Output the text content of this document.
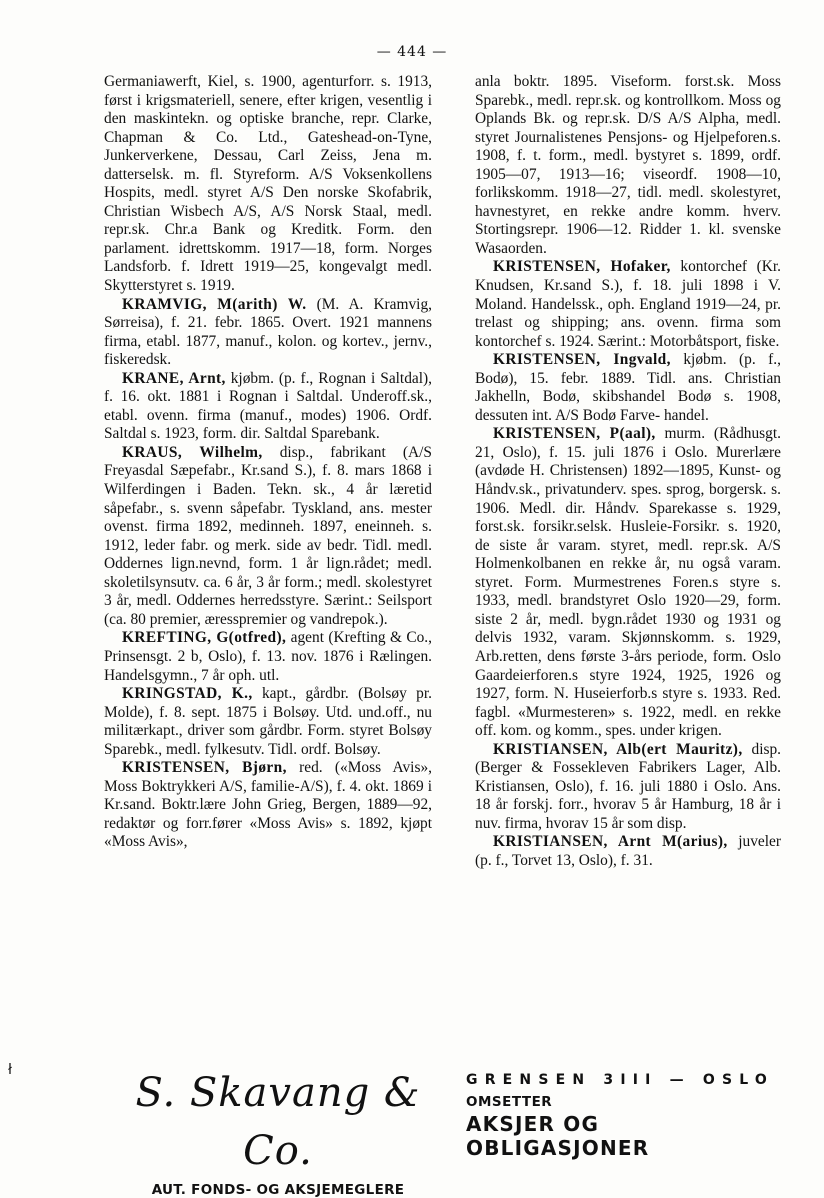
— 444 —

Germaniawerft, Kiel, s. 1900, agenturforr. s. 1913, først i krigsmateriell, senere, efter krigen, vesentlig i den maskintekn. og optiske branche, repr. Clarke, Chapman & Co. Ltd., Gateshead-on-Tyne, Junkerverkene, Dessau, Carl Zeiss, Jena m. datterselsk. m. fl. Styreform. A/S Voksenkollens Hospits, medl. styret A/S Den norske Skofabrik, Christian Wisbech A/S, A/S Norsk Staal, medl. repr.sk. Chr.a Bank og Kreditk. Form. den parlament. idrettskomm. 1917—18, form. Norges Landsforb. f. Idrett 1919—25, kongevalgt medl. Skytterstyret s. 1919.

KRAMVIG, M(arith) W. (M. A. Kramvig, Sørreisa), f. 21. febr. 1865. Overt. 1921 mannens firma, etabl. 1877, manuf., kolon. og kortev., jernv., fiskeredsk.

KRANE, Arnt, kjøbm. (p. f., Rognan i Saltdal), f. 16. okt. 1881 i Rognan i Saltdal. Underoff.sk., etabl. ovenn. firma (manuf., modes) 1906. Ordf. Saltdal s. 1923, form. dir. Saltdal Sparebank.

KRAUS, Wilhelm, disp., fabrikant (A/S Freyasdal Sæpefabr., Kr.sand S.), f. 8. mars 1868 i Wilferdingen i Baden. Tekn. sk., 4 år læretid såpefabr., s. svenn såpefabr. Tyskland, ans. mester ovenst. firma 1892, medinneh. 1897, eneinneh. s. 1912, leder fabr. og merk. side av bedr. Tidl. medl. Oddernes lign.nevnd, form. 1 år lign.rådet; medl. skoletilsynsutv. ca. 6 år, 3 år form.; medl. skolestyret 3 år, medl. Oddernes herredsstyre. Særint.: Seilsport (ca. 80 premier, æresspremier og vandrepok.).

KREFTING, G(otfred), agent (Krefting & Co., Prinsensgt. 2 b, Oslo), f. 13. nov. 1876 i Rælingen. Handelsgymn., 7 år oph. utl.

KRINGSTAD, K., kapt., gårdbr. (Bolsøy pr. Molde), f. 8. sept. 1875 i Bolsøy. Utd. und.off., nu militærkapt., driver som gårdbr. Form. styret Bolsøy Sparebk., medl. fylkesutv. Tidl. ordf. Bolsøy.

KRISTENSEN, Bjørn, red. («Moss Avis», Moss Boktrykkeri A/S, familie-A/S), f. 4. okt. 1869 i Kr.sand. Boktr.lære John Grieg, Bergen, 1889—92, redaktør og forr.fører «Moss Avis» s. 1892, kjøpt «Moss Avis»,

anla boktr. 1895. Viseform. forst.sk. Moss Sparebk., medl. repr.sk. og kontrollkom. Moss og Oplands Bk. og repr.sk. D/S A/S Alpha, medl. styret Journalistenes Pensjons- og Hjelpeforen.s. 1908, f. t. form., medl. bystyret s. 1899, ordf. 1905—07, 1913—16; viseordf. 1908—10, forlikskomm. 1918—27, tidl. medl. skolestyret, havnestyret, en rekke andre komm. hverv. Stortingsrepr. 1906—12. Ridder 1. kl. svenske Wasaorden.

KRISTENSEN, Hofaker, kontorchef (Kr. Knudsen, Kr.sand S.), f. 18. juli 1898 i V. Moland. Handelssk., oph. England 1919—24, pr. trelast og shipping; ans. ovenn. firma som kontorchef s. 1924. Særint.: Motorbåtsport, fiske.

KRISTENSEN, Ingvald, kjøbm. (p. f., Bodø), 15. febr. 1889. Tidl. ans. Christian Jakhelln, Bodø, skibshandel Bodø s. 1908, dessuten int. A/S Bodø Farve- handel.

KRISTENSEN, P(aal), murm. (Rådhusgt. 21, Oslo), f. 15. juli 1876 i Oslo. Murerlære (avdøde H. Christensen) 1892—1895, Kunst- og Håndv.sk., privatunderv. spes. sprog, borgersk. s. 1906. Medl. dir. Håndv. Sparekasse s. 1929, forst.sk. forsikr.selsk. Husleie-Forsikr. s. 1920, de siste år varam. styret, medl. repr.sk. A/S Holmenkolbanen en rekke år, nu også varam. styret. Form. Murmestrenes Foren.s styre s. 1933, medl. brandstyret Oslo 1920—29, form. siste 2 år, medl. bygn.rådet 1930 og 1931 og delvis 1932, varam. Skjønnskomm. s. 1929, Arb.retten, dens første 3-års periode, form. Oslo Gaardeierforen.s styre 1924, 1925, 1926 og 1927, form. N. Huseierforb.s styre s. 1933. Red. fagbl. «Murmesteren» s. 1922, medl. en rekke off. kom. og komm., spes. under krigen.

KRISTIANSEN, Alb(ert Mauritz), disp. (Berger & Fossekleven Fabrikers Lager, Alb. Kristiansen, Oslo), f. 16. juli 1880 i Oslo. Ans. 18 år forskj. forr., hvorav 5 år Hamburg, 18 år i nuv. firma, hvorav 15 år som disp.

KRISTIANSEN, Arnt M(arius), juveler (p. f., Torvet 13, Oslo), f. 31.

ł	S. Skavang & Co.
AUT. FONDS- OG AKSJEMEGLERE
GRENSEN 3III — OSLO
OMSETTER
AKSJER OG OBLIGASJONER
